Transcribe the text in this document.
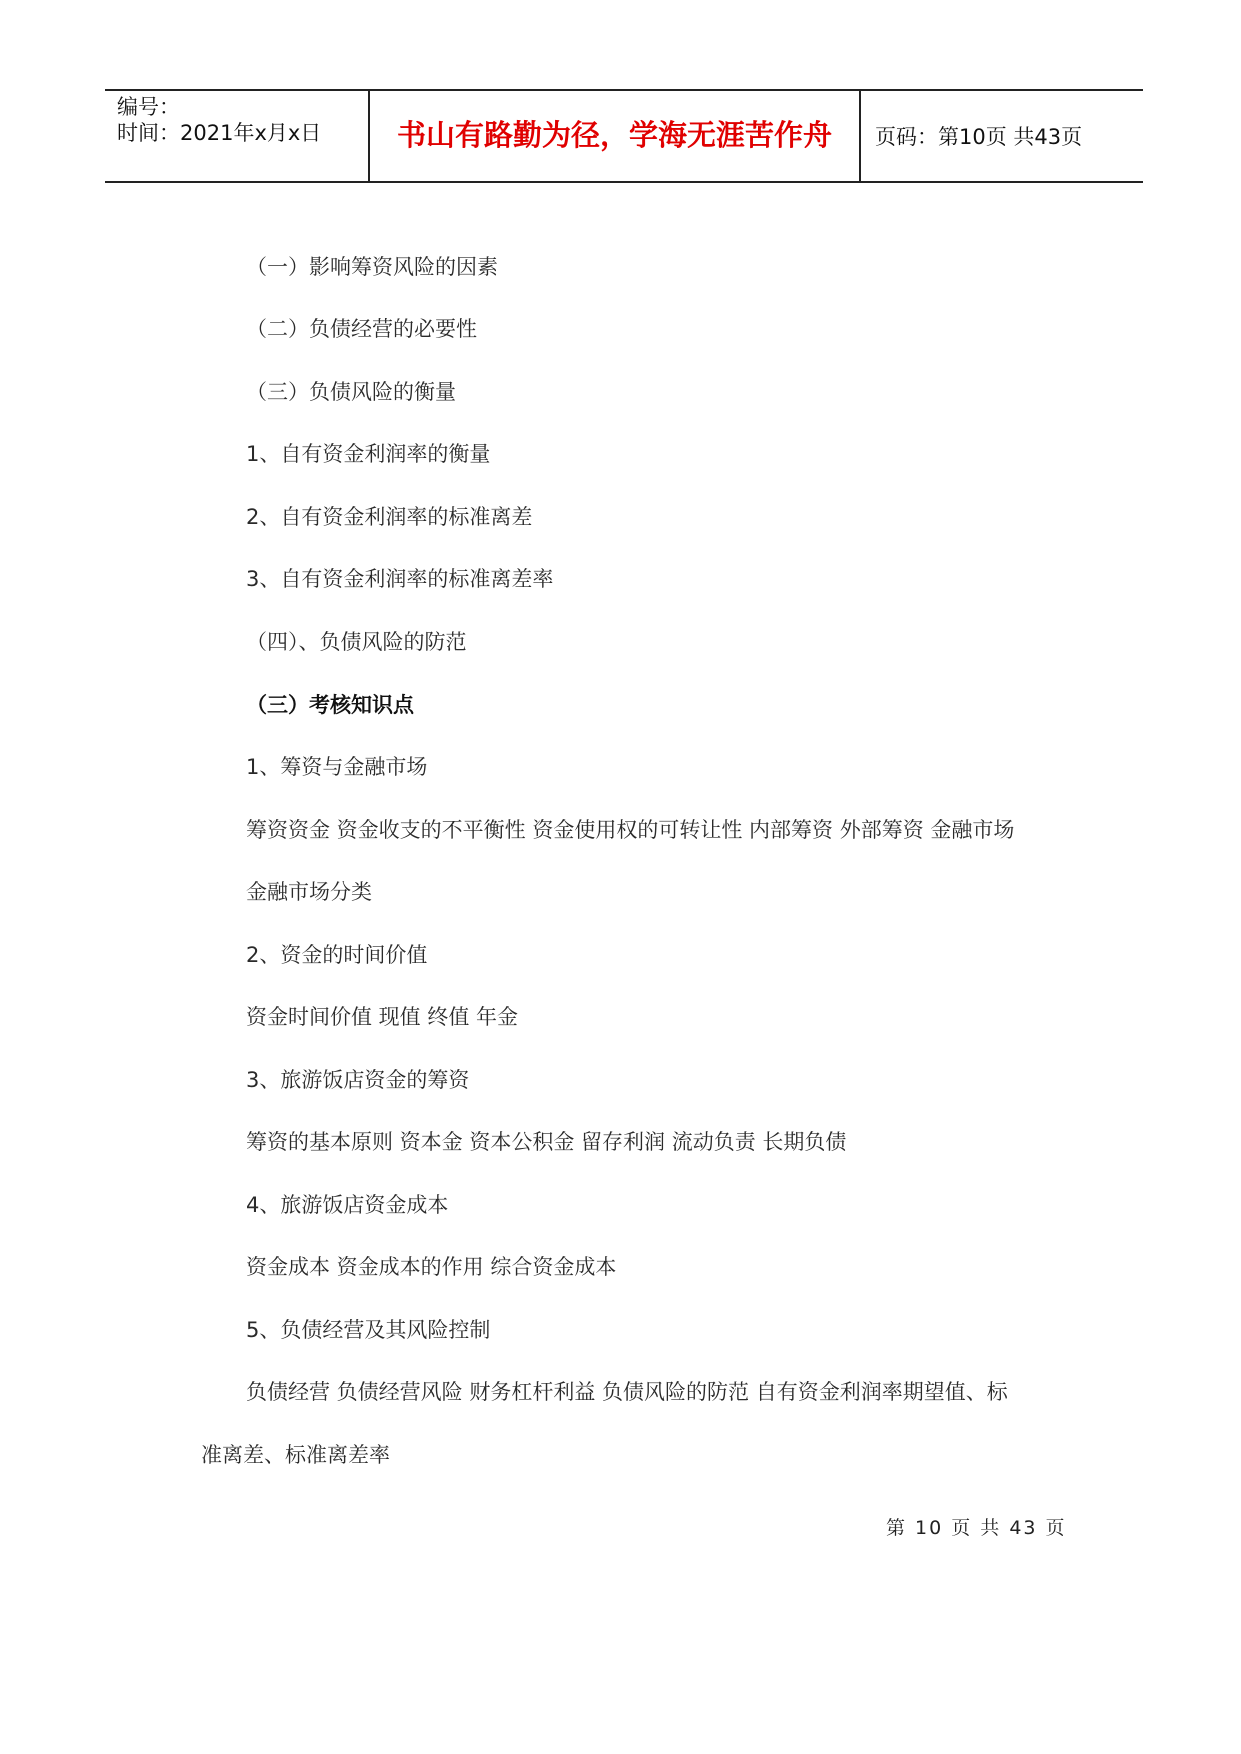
编号：
时间：2021年x月x日	书山有路勤为径，学海无涯苦作舟	页码：第10页 共43页
（一）影响筹资风险的因素
（二）负债经营的必要性
（三）负债风险的衡量
1、自有资金利润率的衡量
2、自有资金利润率的标准离差
3、自有资金利润率的标准离差率
（四）、负债风险的防范
（三）考核知识点
1、筹资与金融市场
筹资资金 资金收支的不平衡性 资金使用权的可转让性 内部筹资 外部筹资 金融市场
金融市场分类
2、资金的时间价值
资金时间价值 现值 终值 年金
3、旅游饭店资金的筹资
筹资的基本原则 资本金 资本公积金 留存利润 流动负责 长期负债
4、旅游饭店资金成本
资金成本 资金成本的作用 综合资金成本
5、负债经营及其风险控制
负债经营 负债经营风险 财务杠杆利益 负债风险的防范 自有资金利润率期望值、标
准离差、标准离差率
第 10 页 共 43 页
